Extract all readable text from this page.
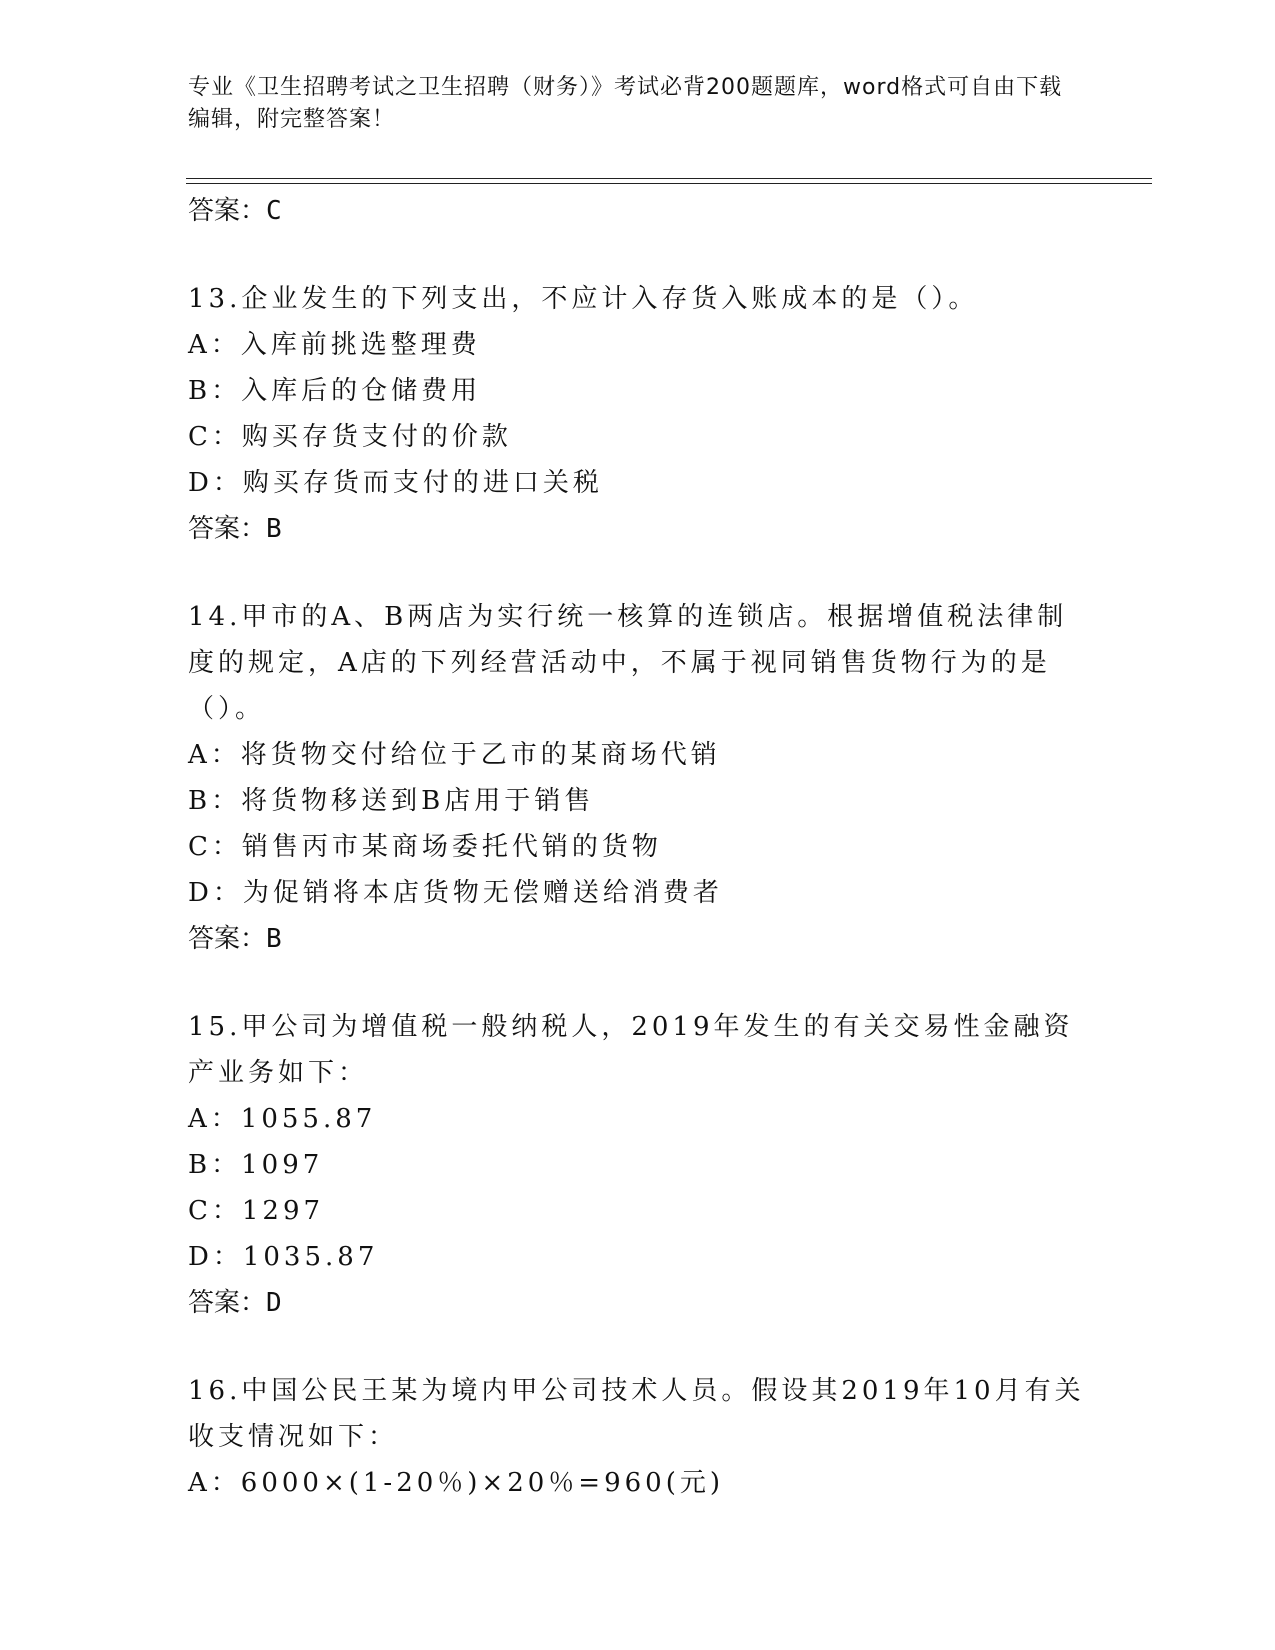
专业《卫生招聘考试之卫生招聘（财务）》考试必背200题题库，word格式可自由下载编辑，附完整答案！
答案：C
13.企业发生的下列支出，不应计入存货入账成本的是（）。
A：入库前挑选整理费
B：入库后的仓储费用
C：购买存货支付的价款
D：购买存货而支付的进口关税
答案：B
14.甲市的A、B两店为实行统一核算的连锁店。根据增值税法律制度的规定，A店的下列经营活动中，不属于视同销售货物行为的是（）。
A：将货物交付给位于乙市的某商场代销
B：将货物移送到B店用于销售
C：销售丙市某商场委托代销的货物
D：为促销将本店货物无偿赠送给消费者
答案：B
15.甲公司为增值税一般纳税人，2019年发生的有关交易性金融资产业务如下：
A：1055.87
B：1097
C：1297
D：1035.87
答案：D
16.中国公民王某为境内甲公司技术人员。假设其2019年10月有关收支情况如下：
A：6000×(1-20％)×20％=960(元)
